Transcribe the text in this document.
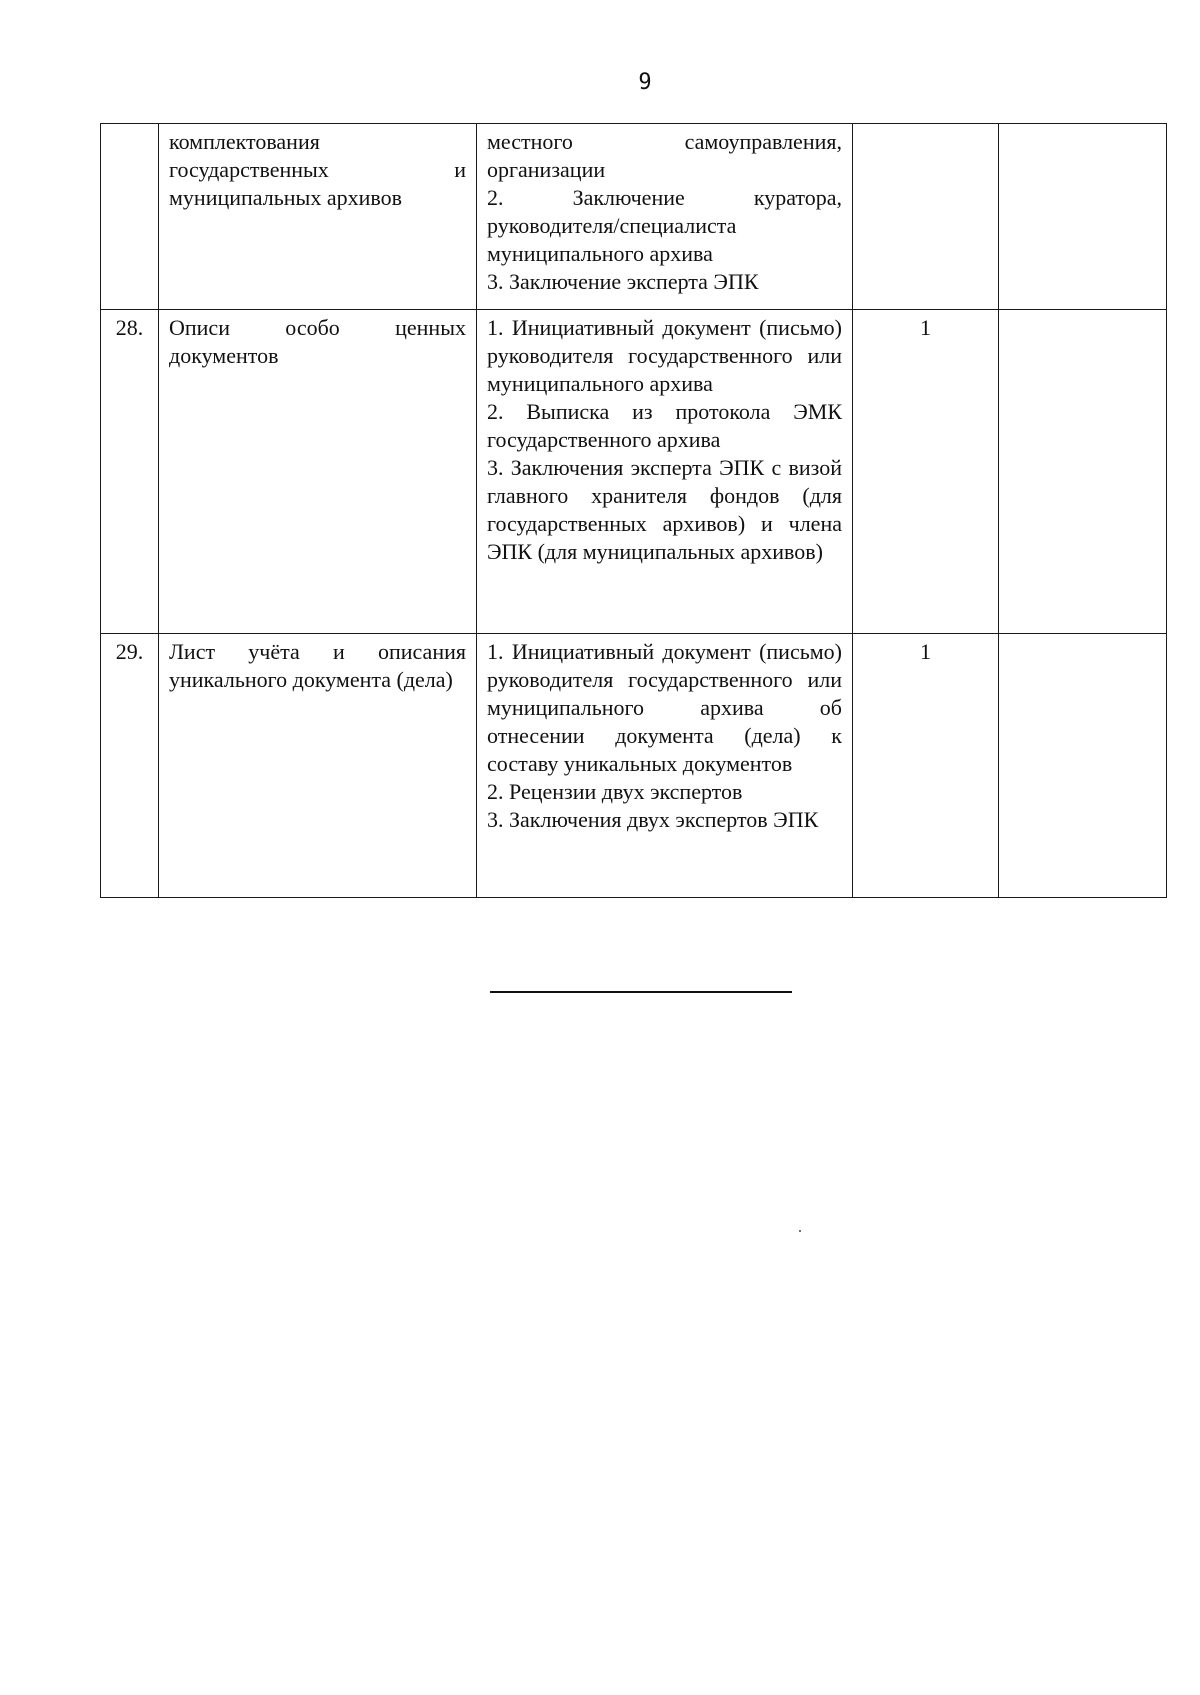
9

	комплектования государственных и муниципальных архивов	местного самоуправления, организации
2. Заключение куратора, руководителя/специалиста муниципального архива
3. Заключение эксперта ЭПК		

28.	Описи особо ценных документов	1. Инициативный документ (письмо) руководителя государственного или муниципального архива
2. Выписка из протокола ЭМК государственного архива
3. Заключения эксперта ЭПК с визой главного хранителя фондов (для государственных архивов) и члена ЭПК (для муниципальных архивов)	1	
29.	Лист учёта и описания уникального документа (дела)	1. Инициативный документ (письмо) руководителя государственного или муниципального архива об отнесении документа (дела) к составу уникальных документов
2. Рецензии двух экспертов
3. Заключения двух экспертов ЭПК	1	
